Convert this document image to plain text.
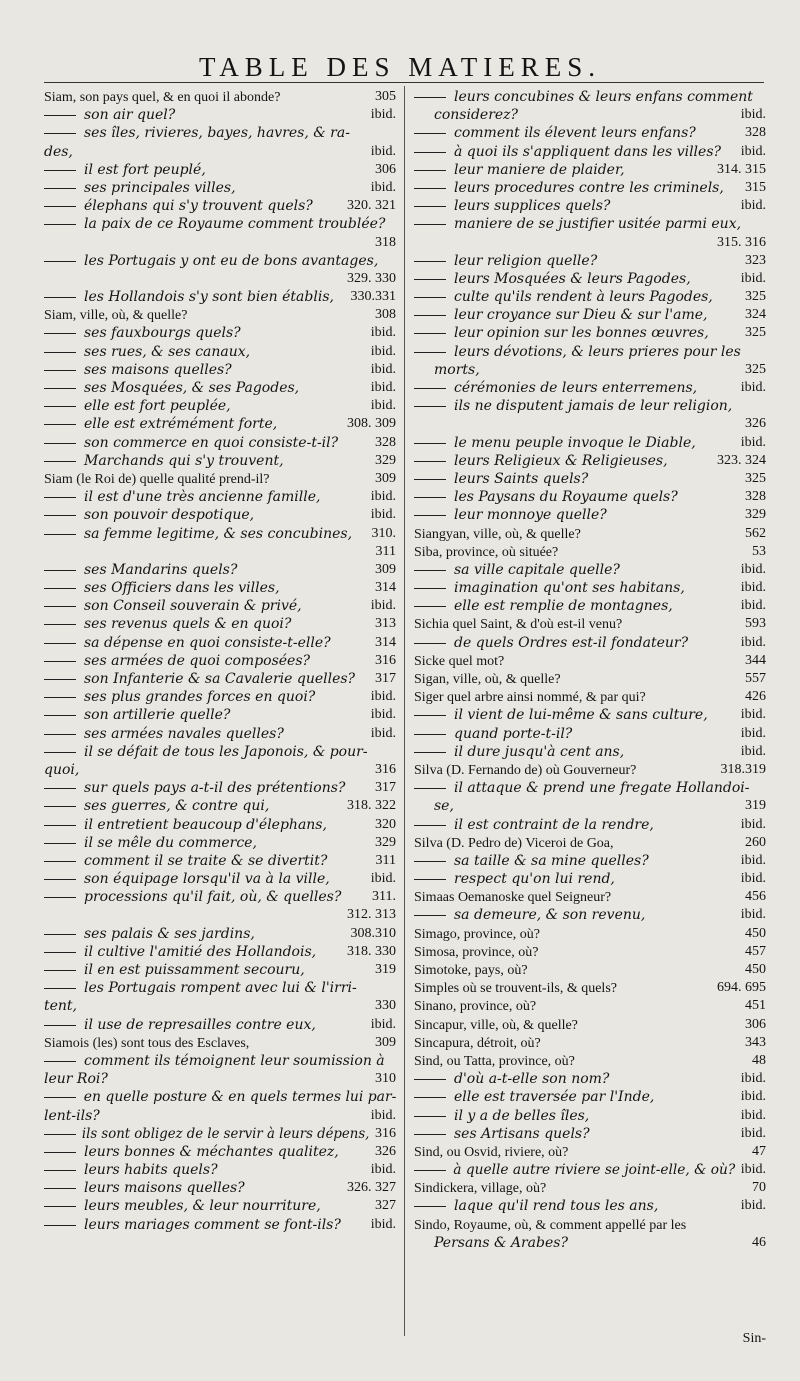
TABLE DES MATIERES.
Siam, son pays quel, & en quoi il abonde?	305
son air quel?	ibid.
ses îles, rivieres, bayes, havres, & ra-
des,	ibid.
il est fort peuplé,	306
ses principales villes,	ibid.
élephans qui s'y trouvent quels? 320. 321
la paix de ce Royaume comment troublée?
318
les Portugais y ont eu de bons avantages,
329. 330
les Hollandois s'y sont bien établis, 330.331
Siam, ville, où, & quelle?	308
ses fauxbourgs quels?	ibid.
ses rues, & ses canaux,	ibid.
ses maisons quelles?	ibid.
ses Mosquées, & ses Pagodes,	ibid.
elle est fort peuplée,	ibid.
elle est extrémément forte,	308. 309
son commerce en quoi consiste-t-il?	328
Marchands qui s'y trouvent,	329
Siam (le Roi de) quelle qualité prend-il?	309
il est d'une très ancienne famille,	ibid.
son pouvoir despotique,	ibid.
sa femme legitime, & ses concubines, 310.
311
ses Mandarins quels?	309
ses Officiers dans les villes,	314
son Conseil souverain & privé,	ibid.
ses revenus quels & en quoi?	313
sa dépense en quoi consiste-t-elle?	314
ses armées de quoi composées?	316
son Infanterie & sa Cavalerie quelles? 317
ses plus grandes forces en quoi?	ibid.
son artillerie quelle?	ibid.
ses armées navales quelles?	ibid.
il se défait de tous les Japonois, & pour-
quoi,	316
sur quels pays a-t-il des prétentions? 317
ses guerres, & contre qui,	318. 322
il entretient beaucoup d'élephans,	320
il se mêle du commerce,	329
comment il se traite & se divertit?	311
son équipage lorsqu'il va à la ville,	ibid.
processions qu'il fait, où, & quelles? 311.
312. 313
ses palais & ses jardins,	308.310
il cultive l'amitié des Hollandois, 318. 330
il en est puissamment secouru,	319
les Portugais rompent avec lui & l'irri-
tent,	330
il use de represailles contre eux,	ibid.
Siamois (les) sont tous des Esclaves,	309
comment ils témoignent leur soumission à
leur Roi?	310
en quelle posture & en quels termes lui par-
lent-ils?	ibid.
ils sont obligez de le servir à leurs dépens, 316
leurs bonnes & méchantes qualitez,	326
leurs habits quels?	ibid.
leurs maisons quelles?	326. 327
leurs meubles, & leur nourriture,	327
leurs mariages comment se font-ils? ibid.
leurs concubines & leurs enfans comment
considerez?	ibid.
comment ils élevent leurs enfans?	328
à quoi ils s'appliquent dans les villes? ibid.
leur maniere de plaider,	314. 315
leurs procedures contre les criminels, 315
leurs supplices quels?	ibid.
maniere de se justifier usitée parmi eux,
315. 316
leur religion quelle?	323
leurs Mosquées & leurs Pagodes,	ibid.
culte qu'ils rendent à leurs Pagodes, 325
leur croyance sur Dieu & sur l'ame,	324
leur opinion sur les bonnes œuvres,	325
leurs dévotions, & leurs prieres pour les
morts,	325
cérémonies de leurs enterremens,	ibid.
ils ne disputent jamais de leur religion,
326
le menu peuple invoque le Diable,	ibid.
leurs Religieux & Religieuses,	323. 324
leurs Saints quels?	325
les Paysans du Royaume quels?	328
leur monnoye quelle?	329
Siangyan, ville, où, & quelle?	562
Siba, province, où située?	53
sa ville capitale quelle?	ibid.
imagination qu'ont ses habitans,	ibid.
elle est remplie de montagnes,	ibid.
Sichia quel Saint, & d'où est-il venu?	593
de quels Ordres est-il fondateur?	ibid.
Sicke quel mot?	344
Sigan, ville, où, & quelle?	557
Siger quel arbre ainsi nommé, & par qui?	426
il vient de lui-même & sans culture, ibid.
quand porte-t-il?	ibid.
il dure jusqu'à cent ans,	ibid.
Silva (D. Fernando de) où Gouverneur?	318.319
il attaque & prend une fregate Hollandoi-
se,	319
il est contraint de la rendre,	ibid.
Silva (D. Pedro de) Viceroi de Goa,	260
sa taille & sa mine quelles?	ibid.
respect qu'on lui rend,	ibid.
Simaas Oemanoske quel Seigneur?	456
sa demeure, & son revenu,	ibid.
Simago, province, où?	450
Simosa, province, où?	457
Simotoke, pays, où?	450
Simples où se trouvent-ils, & quels?	694. 695
Sinano, province, où?	451
Sincapur, ville, où, & quelle?	306
Sincapura, détroit, où?	343
Sind, ou Tatta, province, où?	48
d'où a-t-elle son nom?	ibid.
elle est traversée par l'Inde,	ibid.
il y a de belles îles,	ibid.
ses Artisans quels?	ibid.
Sind, ou Osvid, riviere, où?	47
à quelle autre riviere se joint-elle, & où? ibid.
Sindickera, village, où?	70
laque qu'il rend tous les ans,	ibid.
Sindo, Royaume, où, & comment appellé par les
Persans & Arabes?	46
Sin-
